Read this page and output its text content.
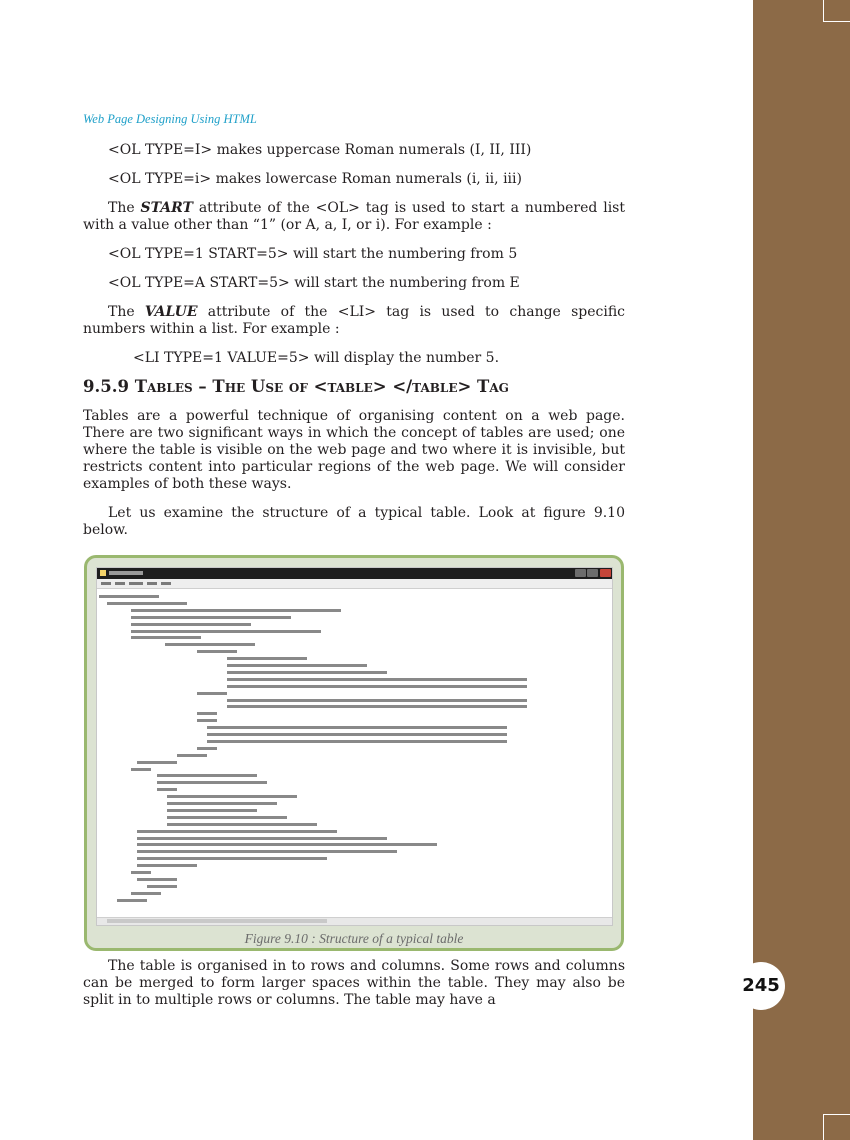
245
Web Page Designing Using HTML

<OL TYPE=I> makes uppercase Roman numerals (I, II, III)

<OL TYPE=i> makes lowercase Roman numerals (i, ii, iii)

The START attribute of the <OL> tag is used to start a numbered list with a value other than “1” (or A, a, I, or i). For example :

<OL TYPE=1 START=5> will start the numbering from 5

<OL TYPE=A START=5> will start the numbering from E

The VALUE attribute of the <LI> tag is used to change specific numbers within a list. For example :

<LI TYPE=1 VALUE=5> will display the number 5.

9.5.9 Tables – The Use of <table> </table> Tag

Tables are a powerful technique of organising content on a web page. There are two significant ways in which the concept of tables are used; one where the table is visible on the web page and two where it is invisible, but restricts content into particular regions of the web page. We will consider examples of both these ways.

Let us examine the structure of a typical table. Look at figure 9.10 below.

Figure 9.10 : Structure of a typical table

The table is organised in to rows and columns. Some rows and columns can be merged to form larger spaces within the table. They may also be split in to multiple rows or columns. The table may have a
